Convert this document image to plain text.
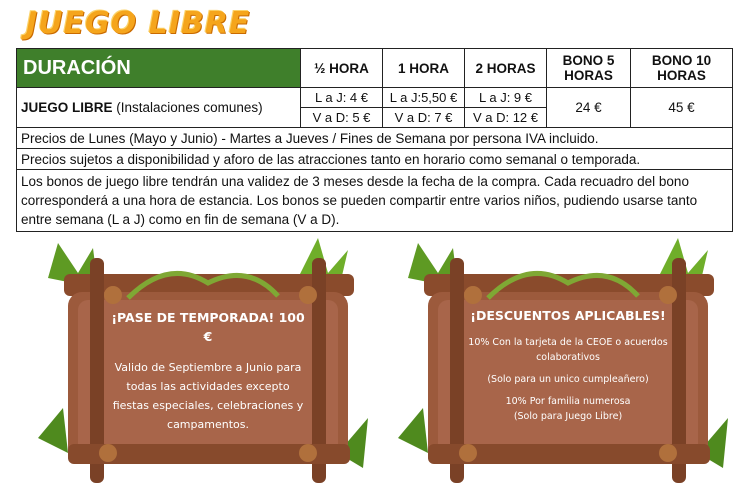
JUEGO LIBRE
DURACIÓN	½ HORA	1 HORA	2 HORAS	BONO 5 HORAS	BONO 10 HORAS
JUEGO LIBRE (Instalaciones comunes)	L a J: 4 €	L a J:5,50 €	L a J: 9 €	24 €	45 €
	V a D: 5 €	V a D: 7 €	V a D: 12 €		
Precios de Lunes (Mayo y Junio) - Martes a Jueves / Fines de Semana por persona IVA incluido.					
Precios sujetos a disponibilidad y aforo de las atracciones tanto en horario como semanal o temporada.					
Los bonos de juego libre tendrán una validez de 3 meses desde la fecha de la compra. Cada recuadro del bono corresponderá a una hora de estancia. Los bonos se pueden compartir entre varios niños, pudiendo usarse tanto entre semana (L a J) como en fin de semana (V a D).					

¡PASE DE TEMPORADA! 100 €

Valido de Septiembre a Junio para todas las actividades excepto fiestas especiales, celebraciones y campamentos.

¡DESCUENTOS APLICABLES!

10% Con la tarjeta de la CEOE o acuerdos colaborativos

(Solo para un unico cumpleañero)

10% Por familia numerosa

(Solo para Juego Libre)
